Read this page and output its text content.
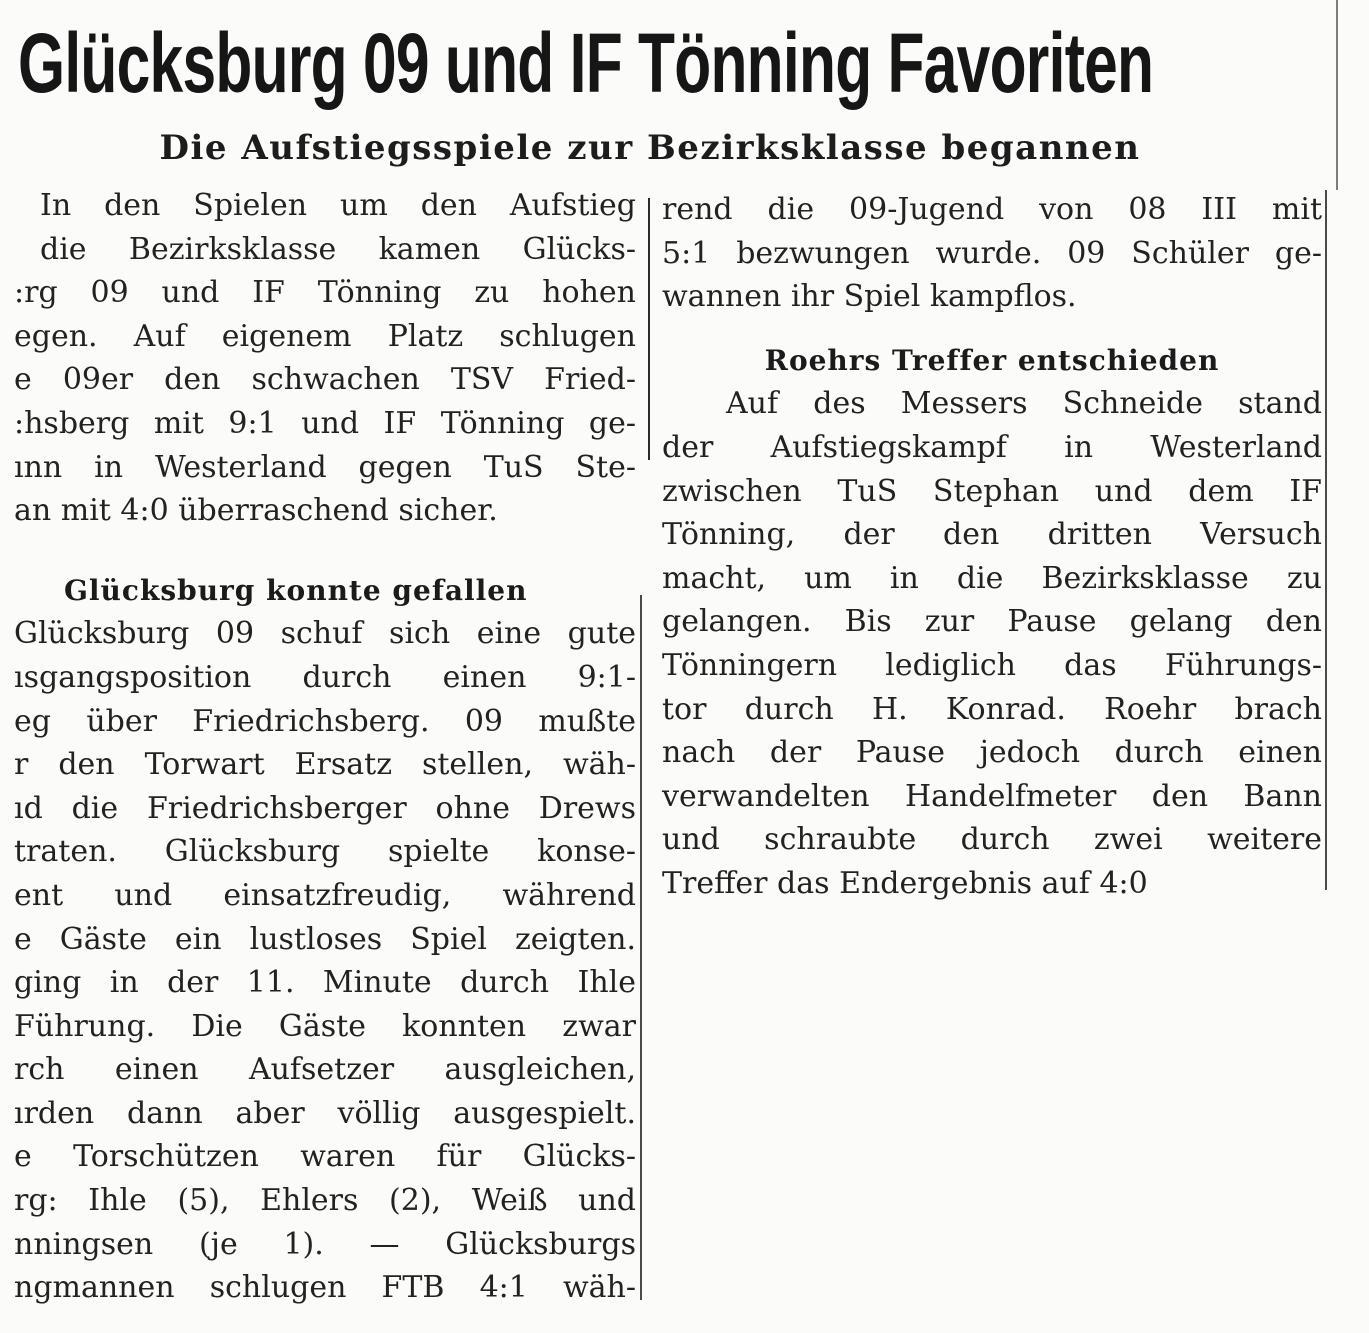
Glücksburg 09 und IF Tönning Favoriten
Die Aufstiegsspiele zur Bezirksklasse begannen
In den Spielen um den Aufstieg
die Bezirksklasse kamen Glücks-
:rg 09 und IF Tönning zu hohen
egen. Auf eigenem Platz schlugen
e 09er den schwachen TSV Fried-
:hsberg mit 9:1 und IF Tönning ge-
ınn in Westerland gegen TuS Ste-
an mit 4:0 überraschend sicher.
Glücksburg konnte gefallen
Glücksburg 09 schuf sich eine gute
ısgangsposition durch einen 9:1-
eg über Friedrichsberg. 09 mußte
r den Torwart Ersatz stellen, wäh-
ıd die Friedrichsberger ohne Drews
traten. Glücksburg spielte konse-
ent und einsatzfreudig, während
e Gäste ein lustloses Spiel zeigten.
ging in der 11. Minute durch Ihle
Führung. Die Gäste konnten zwar
rch einen Aufsetzer ausgleichen,
ırden dann aber völlig ausgespielt.
e Torschützen waren für Glücks-
rg: Ihle (5), Ehlers (2), Weiß und
nningsen (je 1). — Glücksburgs
ngmannen schlugen FTB 4:1 wäh-
rend die 09-Jugend von 08 III mit
5:1 bezwungen wurde. 09 Schüler ge-
wannen ihr Spiel kampflos.
Roehrs Treffer entschieden
Auf des Messers Schneide stand
der Aufstiegskampf in Westerland
zwischen TuS Stephan und dem IF
Tönning, der den dritten Versuch
macht, um in die Bezirksklasse zu
gelangen. Bis zur Pause gelang den
Tönningern lediglich das Führungs-
tor durch H. Konrad. Roehr brach
nach der Pause jedoch durch einen
verwandelten Handelfmeter den Bann
und schraubte durch zwei weitere
Treffer das Endergebnis auf 4:0
